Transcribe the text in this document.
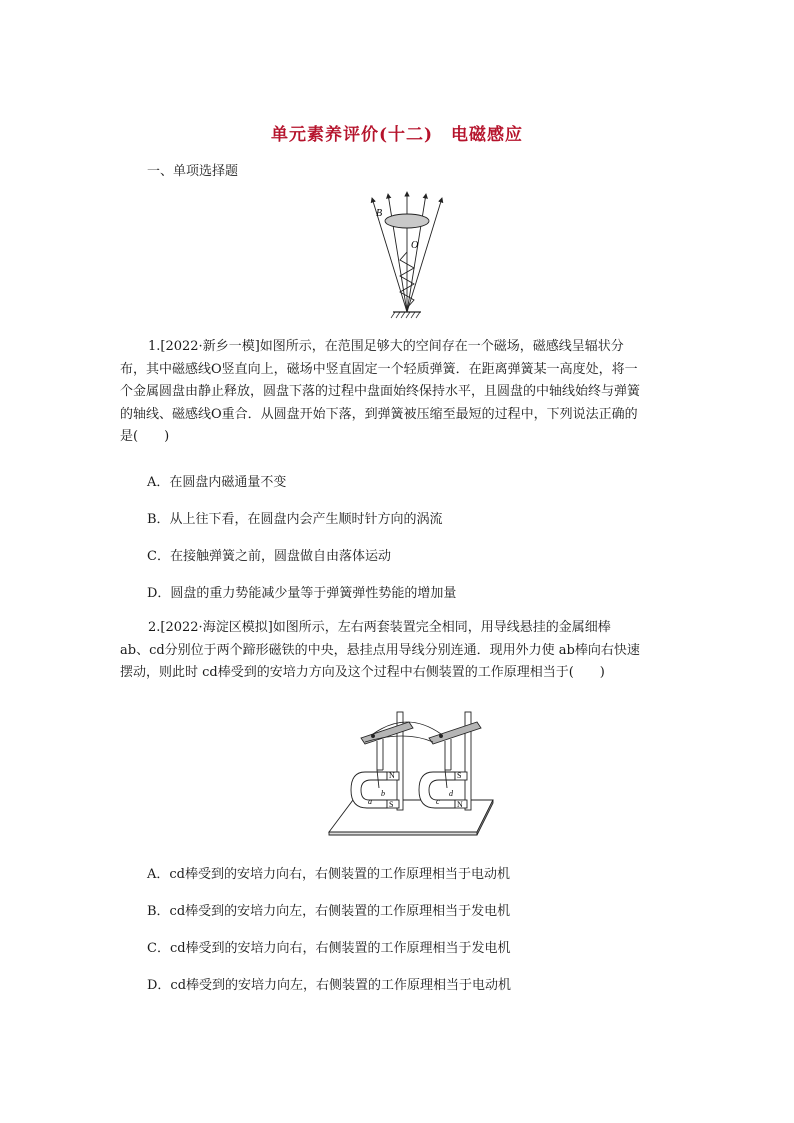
单元素养评价(十二)　电磁感应
一、单项选择题
B
O
1.[2022·新乡一模]如图所示，在范围足够大的空间存在一个磁场，磁感线呈辐状分
布，其中磁感线O竖直向上，磁场中竖直固定一个轻质弹簧．在距离弹簧某一高度处，将一
个金属圆盘由静止释放，圆盘下落的过程中盘面始终保持水平，且圆盘的中轴线始终与弹簧
的轴线、磁感线O重合．从圆盘开始下落，到弹簧被压缩至最短的过程中，下列说法正确的
是(　　)
A．在圆盘内磁通量不变
B．从上往下看，在圆盘内会产生顺时针方向的涡流
C．在接触弹簧之前，圆盘做自由落体运动
D．圆盘的重力势能减少量等于弹簧弹性势能的增加量
2.[2022·海淀区模拟]如图所示，左右两套装置完全相同，用导线悬挂的金属细棒
ab、cd分别位于两个蹄形磁铁的中央，悬挂点用导线分别连通．现用外力使 ab棒向右快速
摆动，则此时 cd棒受到的安培力方向及这个过程中右侧装置的工作原理相当于(　　)
N
S
a
b
S
N
c
d
A．cd棒受到的安培力向右，右侧装置的工作原理相当于电动机
B．cd棒受到的安培力向左，右侧装置的工作原理相当于发电机
C．cd棒受到的安培力向右，右侧装置的工作原理相当于发电机
D．cd棒受到的安培力向左，右侧装置的工作原理相当于电动机
